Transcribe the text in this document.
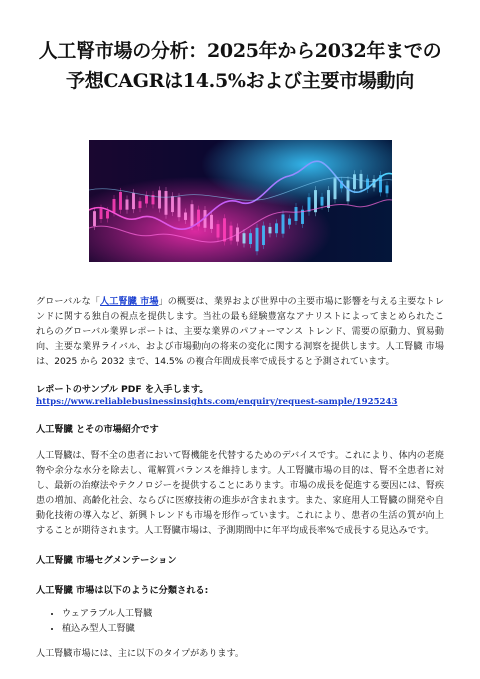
人工腎市場の分析：2025年から2032年までの予想CAGRは14.5%および主要市場動向

グローバルな「人工腎臓 市場」の概要は、業界および世界中の主要市場に影響を与える主要なトレンドに関する独自の視点を提供します。当社の最も経験豊富なアナリストによってまとめられたこれらのグローバル業界レポートは、主要な業界のパフォーマンス トレンド、需要の原動力、貿易動向、主要な業界ライバル、および市場動向の将来の変化に関する洞察を提供します。人工腎臓 市場は、2025 から 2032 まで、14.5% の複合年間成長率で成長すると予測されています。

レポートのサンプル PDF を入手します。

https://www.reliablebusinessinsights.com/enquiry/request-sample/1925243

人工腎臓 とその市場紹介です

人工腎臓は、腎不全の患者において腎機能を代替するためのデバイスです。これにより、体内の老廃物や余分な水分を除去し、電解質バランスを維持します。人工腎臓市場の目的は、腎不全患者に対し、最新の治療法やテクノロジーを提供することにあります。市場の成長を促進する要因には、腎疾患の増加、高齢化社会、ならびに医療技術の進歩が含まれます。また、家庭用人工腎臓の開発や自動化技術の導入など、新興トレンドも市場を形作っています。これにより、患者の生活の質が向上することが期待されます。人工腎臓市場は、予測期間中に年平均成長率%で成長する見込みです。

人工腎臓 市場セグメンテーション

人工腎臓 市場は以下のように分類される:

• ウェアラブル人工腎臓
• 植込み型人工腎臓

人工腎臓市場には、主に以下のタイプがあります。
